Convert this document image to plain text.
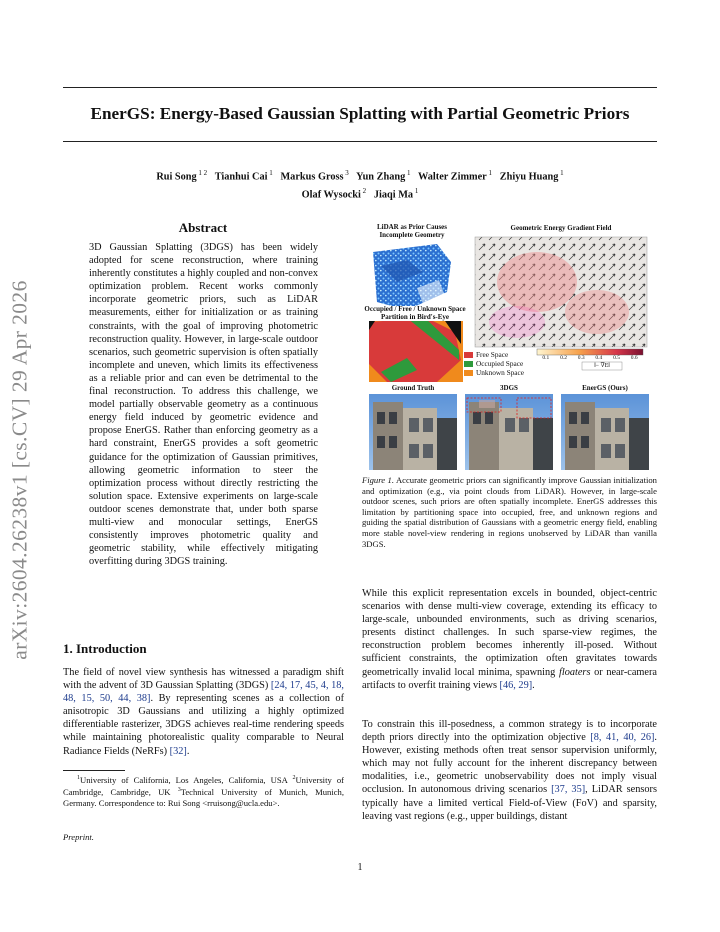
arXiv:2604.26238v1 [cs.CV] 29 Apr 2026
EnerGS: Energy-Based Gaussian Splatting with Partial Geometric Priors
Rui Song $^{1 2}$  Tianhui Cai $^1$  Markus Gross $^3$  Yun Zhang $^1$  Walter Zimmer $^1$  Zhiyu Huang $^1$
Olaf Wysocki $^2$  Jiaqi Ma $^1$
Abstract
3D Gaussian Splatting (3DGS) has been widely adopted for scene reconstruction, where training inherently constitutes a highly coupled and non-convex optimization problem. Recent works commonly incorporate geometric priors, such as LiDAR measurements, either for initialization or as training constraints, with the goal of improving photometric reconstruction quality. However, in large-scale outdoor scenarios, such geometric supervision is often spatially incomplete and uneven, which limits its effectiveness as a reliable prior and can even be detrimental to the final reconstruction. To address this challenge, we model partially observable geometry as a continuous energy field induced by geometric evidence and propose EnerGS. Rather than enforcing geometry as a hard constraint, EnerGS provides a soft geometric guidance for the optimization of Gaussian primitives, allowing geometric information to steer the optimization process without directly restricting the solution space. Extensive experiments on large-scale outdoor scenes demonstrate that, under both sparse multi-view and monocular settings, EnerGS consistently improves photometric quality and geometric stability, while effectively mitigating overfitting during 3DGS training.
1. Introduction
The field of novel view synthesis has witnessed a paradigm shift with the advent of 3D Gaussian Splatting (3DGS) [24, 17, 45, 4, 18, 48, 15, 50, 44, 38]. By representing scenes as a collection of anisotropic 3D Gaussians and utilizing a highly optimized differentiable rasterizer, 3DGS achieves real-time rendering speeds while maintaining photorealistic quality comparable to Neural Radiance Fields (NeRFs) [32].
$^1$University of California, Los Angeles, California, USA $^2$University of Cambridge, Cambridge, UK $^3$Technical University of Munich, Munich, Germany. Correspondence to: Rui Song <rruisong@ucla.edu>.
Preprint.
1
LiDAR as Prior Causes Incomplete Geometry
Geometric Energy Gradient Field
Occupied / Free / Unknown Space Partition in Bird's-Eye
Free Space
Occupied Space
Unknown Space
0.1	0.2	0.3	0.4	0.5	0.6
‖− ∇E‖
Ground Truth	3DGS	EnerGS (Ours)
Figure 1. Accurate geometric priors can significantly improve Gaussian initialization and optimization (e.g., via point clouds from LiDAR). However, in large-scale outdoor scenes, such priors are often spatially incomplete. EnerGS addresses this limitation by partitioning space into occupied, free, and unknown regions and guiding the spatial distribution of Gaussians with a geometric energy field, enabling more stable novel-view rendering in regions unobserved by LiDAR than vanilla 3DGS.
While this explicit representation excels in bounded, object-centric scenarios with dense multi-view coverage, extending its efficacy to large-scale, unbounded environments, such as driving scenarios, presents distinct challenges. In such sparse-view regimes, the reconstruction problem becomes inherently ill-posed. Without sufficient constraints, the optimization often gravitates towards geometrically invalid local minima, spawning floaters or near-camera artifacts to overfit training views [46, 29].
To constrain this ill-posedness, a common strategy is to incorporate depth priors directly into the optimization objective [8, 41, 40, 26]. However, existing methods often treat sensor supervision uniformly, which may not fully account for the inherent discrepancy between modalities, i.e., geometric unobservability does not imply visual occlusion. In autonomous driving scenarios [37, 35], LiDAR sensors typically have a limited vertical Field-of-View (FoV) and sparsity, leaving vast regions (e.g., upper buildings, distant
